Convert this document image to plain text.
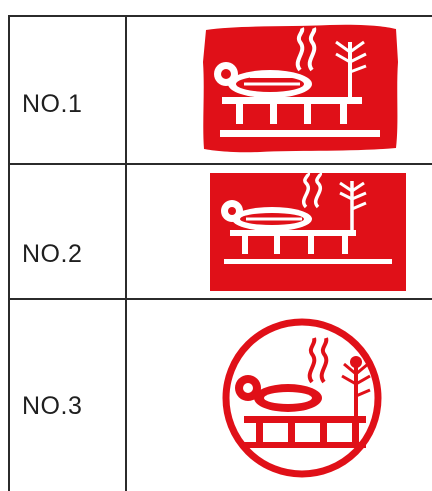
NO.1
NO.2
NO.3
